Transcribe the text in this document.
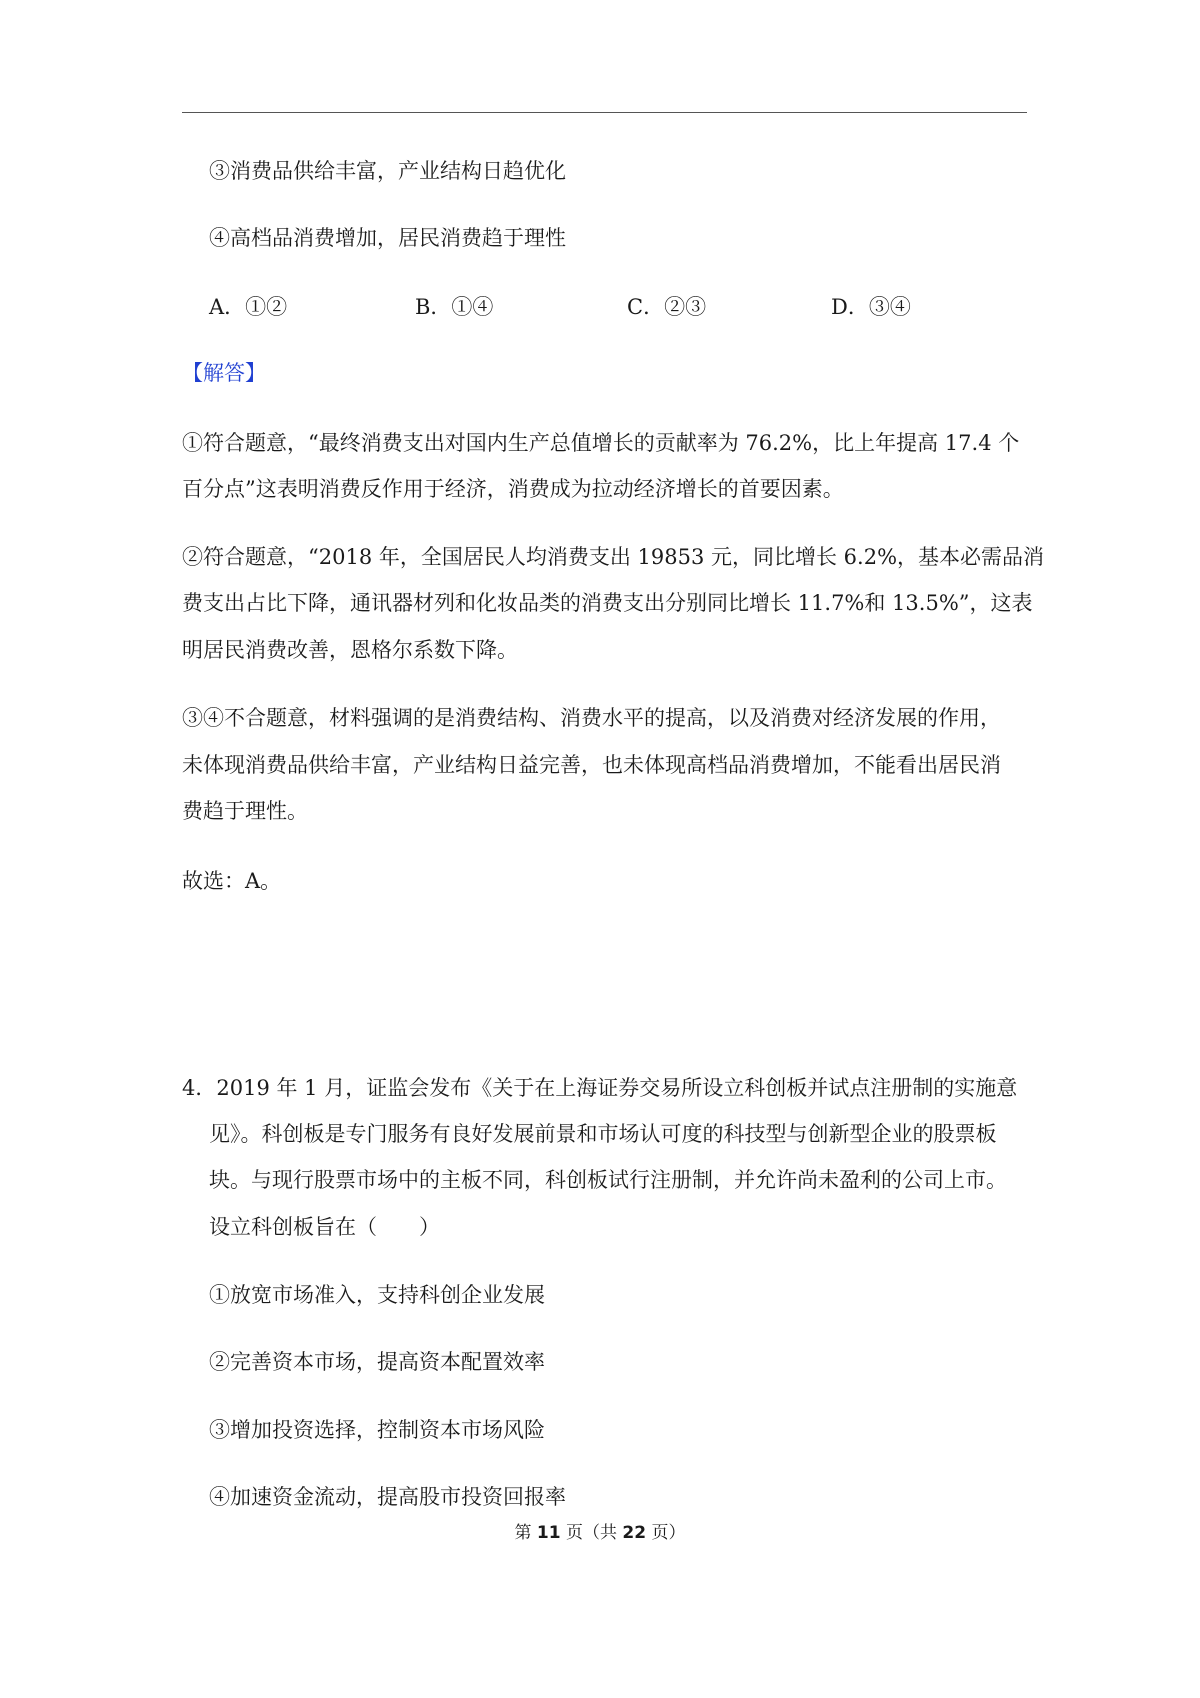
③消费品供给丰富，产业结构日趋优化
④高档品消费增加，居民消费趋于理性
A．①②	B．①④	C．②③	D．③④
【解答】
①符合题意，“最终消费支出对国内生产总值增长的贡献率为 76.2%，比上年提高 17.4 个
百分点”这表明消费反作用于经济，消费成为拉动经济增长的首要因素。
②符合题意，“2018 年，全国居民人均消费支出 19853 元，同比增长 6.2%，基本必需品消
费支出占比下降，通讯器材列和化妆品类的消费支出分别同比增长 11.7%和 13.5%”，这表
明居民消费改善，恩格尔系数下降。
③④不合题意，材料强调的是消费结构、消费水平的提高，以及消费对经济发展的作用，
未体现消费品供给丰富，产业结构日益完善，也未体现高档品消费增加，不能看出居民消
费趋于理性。
故选：A。
4．2019 年 1 月，证监会发布《关于在上海证券交易所设立科创板并试点注册制的实施意
见》。科创板是专门服务有良好发展前景和市场认可度的科技型与创新型企业的股票板
块。与现行股票市场中的主板不同，科创板试行注册制，并允许尚未盈利的公司上市。
设立科创板旨在（　　）
①放宽市场准入，支持科创企业发展
②完善资本市场，提高资本配置效率
③增加投资选择，控制资本市场风险
④加速资金流动，提高股市投资回报率
第 11 页（共 22 页）
